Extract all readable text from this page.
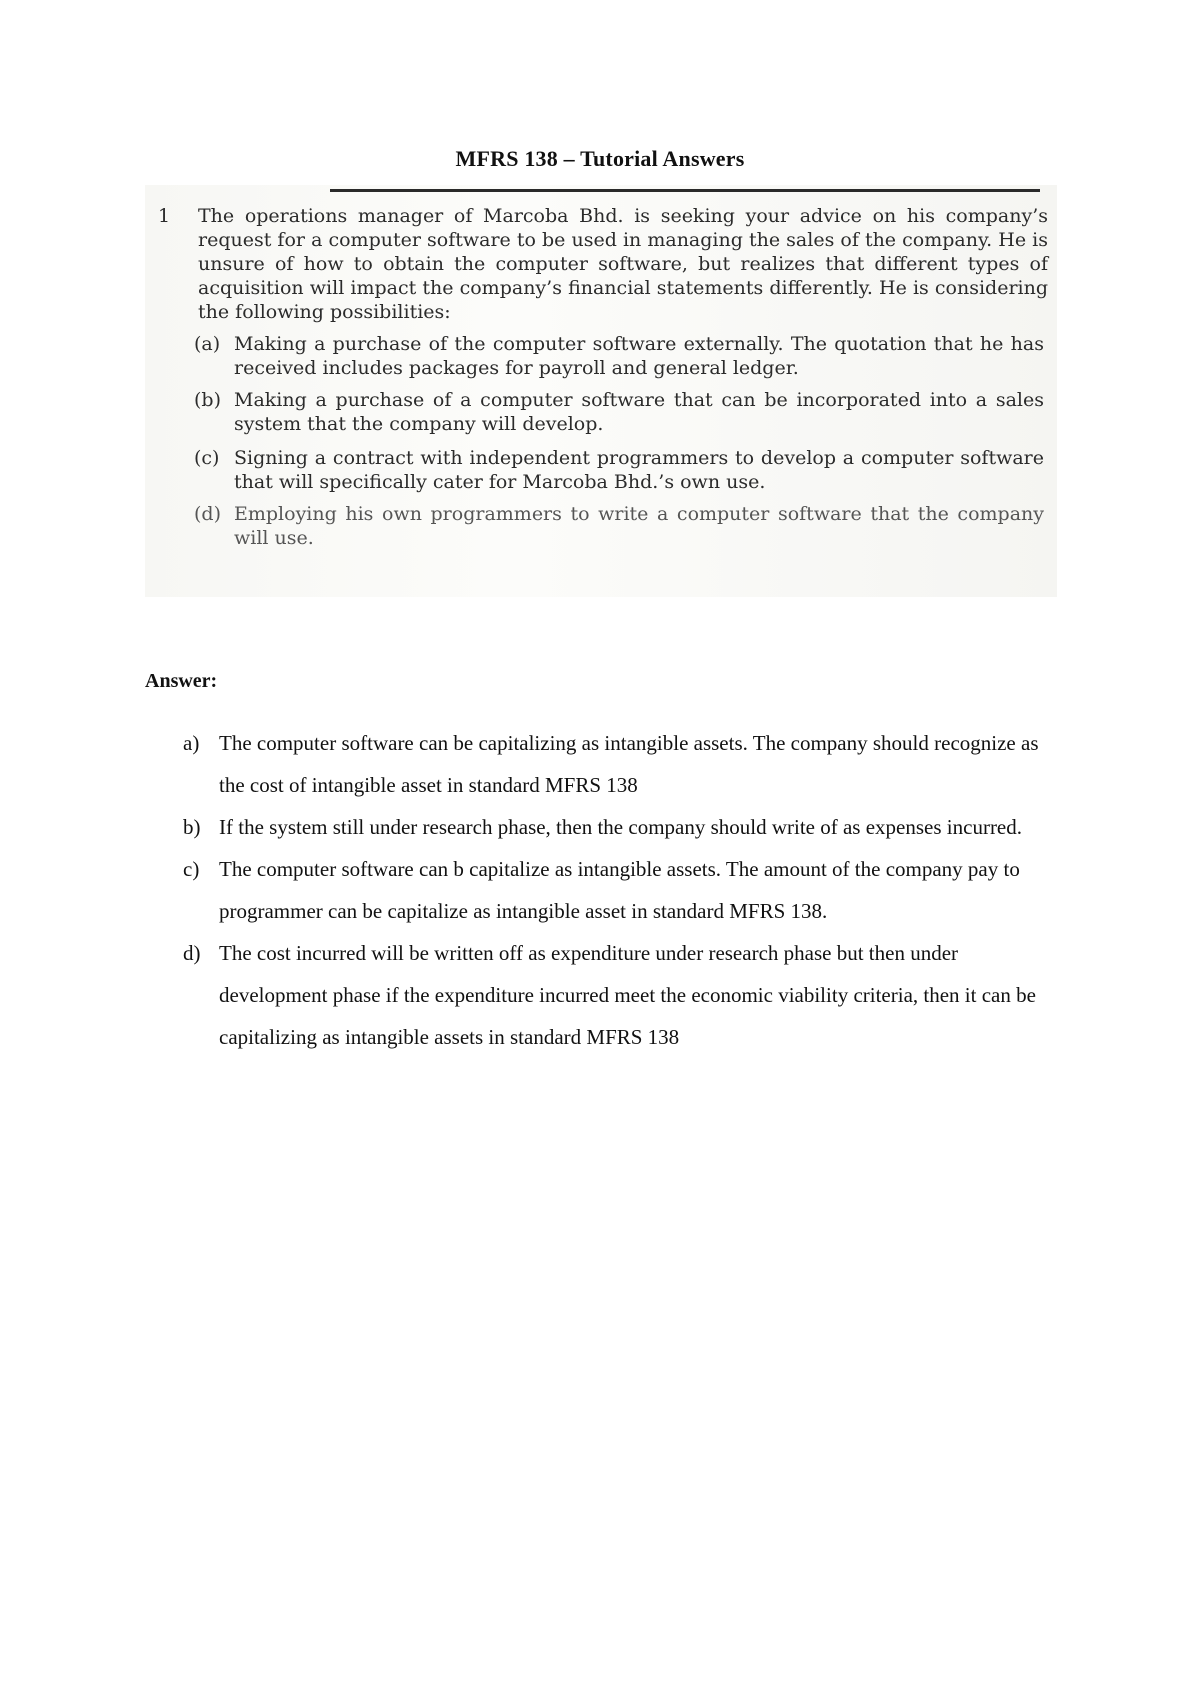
MFRS 138 – Tutorial Answers
1 The operations manager of Marcoba Bhd. is seeking your advice on his company’s request for a computer software to be used in managing the sales of the company. He is unsure of how to obtain the computer software, but realizes that different types of acquisition will impact the company’s financial statements differently. He is considering the following possibilities:
(a) Making a purchase of the computer software externally. The quotation that he has received includes packages for payroll and general ledger.
(b) Making a purchase of a computer software that can be incorporated into a sales system that the company will develop.
(c) Signing a contract with independent programmers to develop a computer software that will specifically cater for Marcoba Bhd.’s own use.
(d) Employing his own programmers to write a computer software that the company will use.
Answer:
a) The computer software can be capitalizing as intangible assets. The company should recognize as the cost of intangible asset in standard MFRS 138
b) If the system still under research phase, then the company should write of as expenses incurred.
c) The computer software can b capitalize as intangible assets. The amount of the company pay to programmer can be capitalize as intangible asset in standard MFRS 138.
d) The cost incurred will be written off as expenditure under research phase but then under development phase if the expenditure incurred meet the economic viability criteria, then it can be capitalizing as intangible assets in standard MFRS 138
